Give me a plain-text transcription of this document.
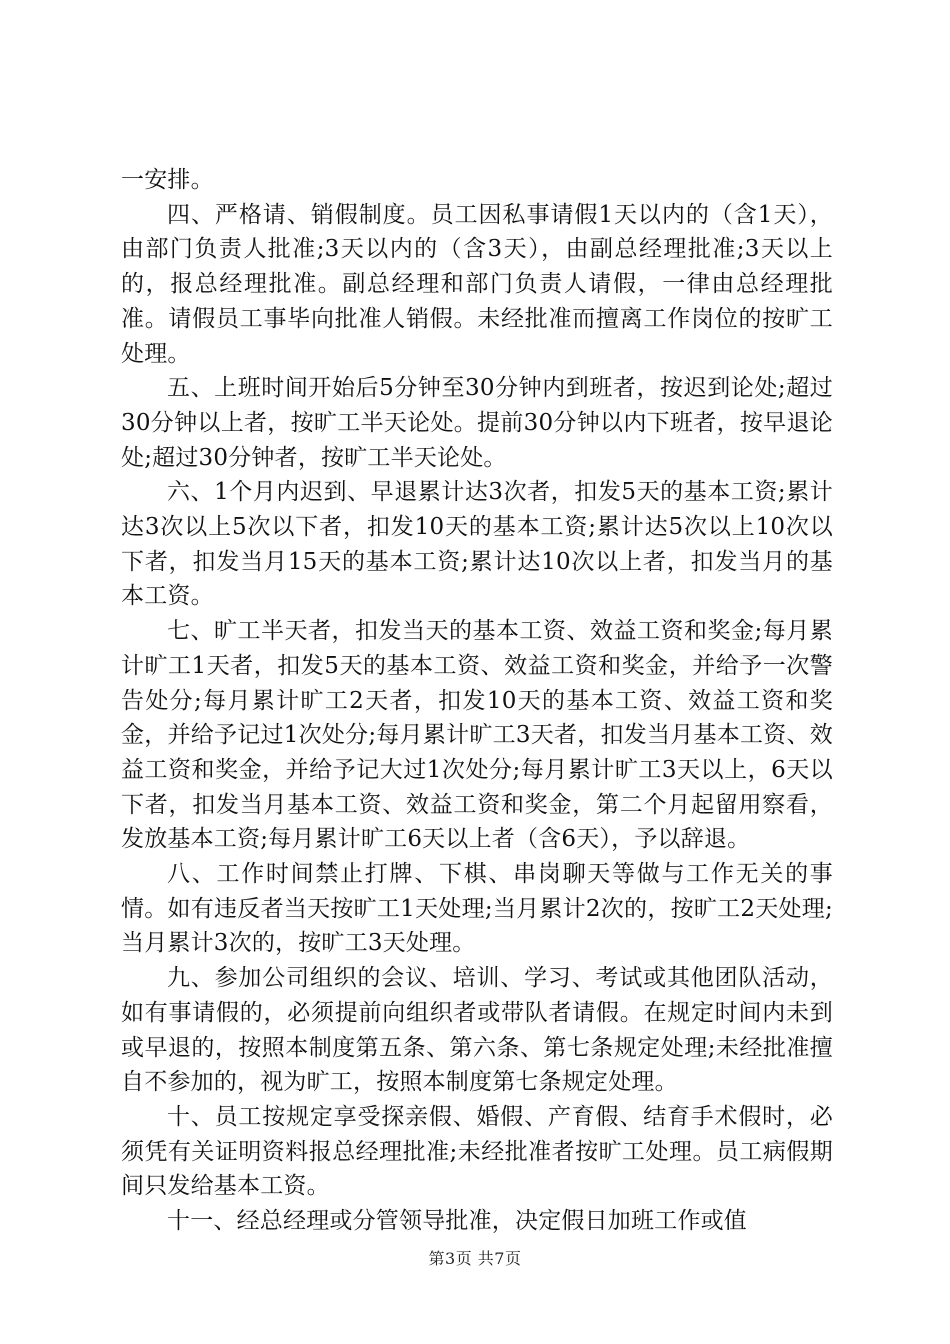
一安排。

四、严格请、销假制度。员工因私事请假1天以内的（含1天），由部门负责人批准;3天以内的（含3天），由副总经理批准;3天以上的，报总经理批准。副总经理和部门负责人请假，一律由总经理批准。请假员工事毕向批准人销假。未经批准而擅离工作岗位的按旷工处理。

五、上班时间开始后5分钟至30分钟内到班者，按迟到论处;超过30分钟以上者，按旷工半天论处。提前30分钟以内下班者，按早退论处;超过30分钟者，按旷工半天论处。

六、1个月内迟到、早退累计达3次者，扣发5天的基本工资;累计达3次以上5次以下者，扣发10天的基本工资;累计达5次以上10次以下者，扣发当月15天的基本工资;累计达10次以上者，扣发当月的基本工资。

七、旷工半天者，扣发当天的基本工资、效益工资和奖金;每月累计旷工1天者，扣发5天的基本工资、效益工资和奖金，并给予一次警告处分;每月累计旷工2天者，扣发10天的基本工资、效益工资和奖金，并给予记过1次处分;每月累计旷工3天者，扣发当月基本工资、效益工资和奖金，并给予记大过1次处分;每月累计旷工3天以上，6天以下者，扣发当月基本工资、效益工资和奖金，第二个月起留用察看，发放基本工资;每月累计旷工6天以上者（含6天），予以辞退。

八、工作时间禁止打牌、下棋、串岗聊天等做与工作无关的事情。如有违反者当天按旷工1天处理;当月累计2次的，按旷工2天处理;当月累计3次的，按旷工3天处理。

九、参加公司组织的会议、培训、学习、考试或其他团队活动，如有事请假的，必须提前向组织者或带队者请假。在规定时间内未到或早退的，按照本制度第五条、第六条、第七条规定处理;未经批准擅自不参加的，视为旷工，按照本制度第七条规定处理。

十、员工按规定享受探亲假、婚假、产育假、结育手术假时，必须凭有关证明资料报总经理批准;未经批准者按旷工处理。员工病假期间只发给基本工资。

十一、经总经理或分管领导批准，决定假日加班工作或值

第3页 共7页
